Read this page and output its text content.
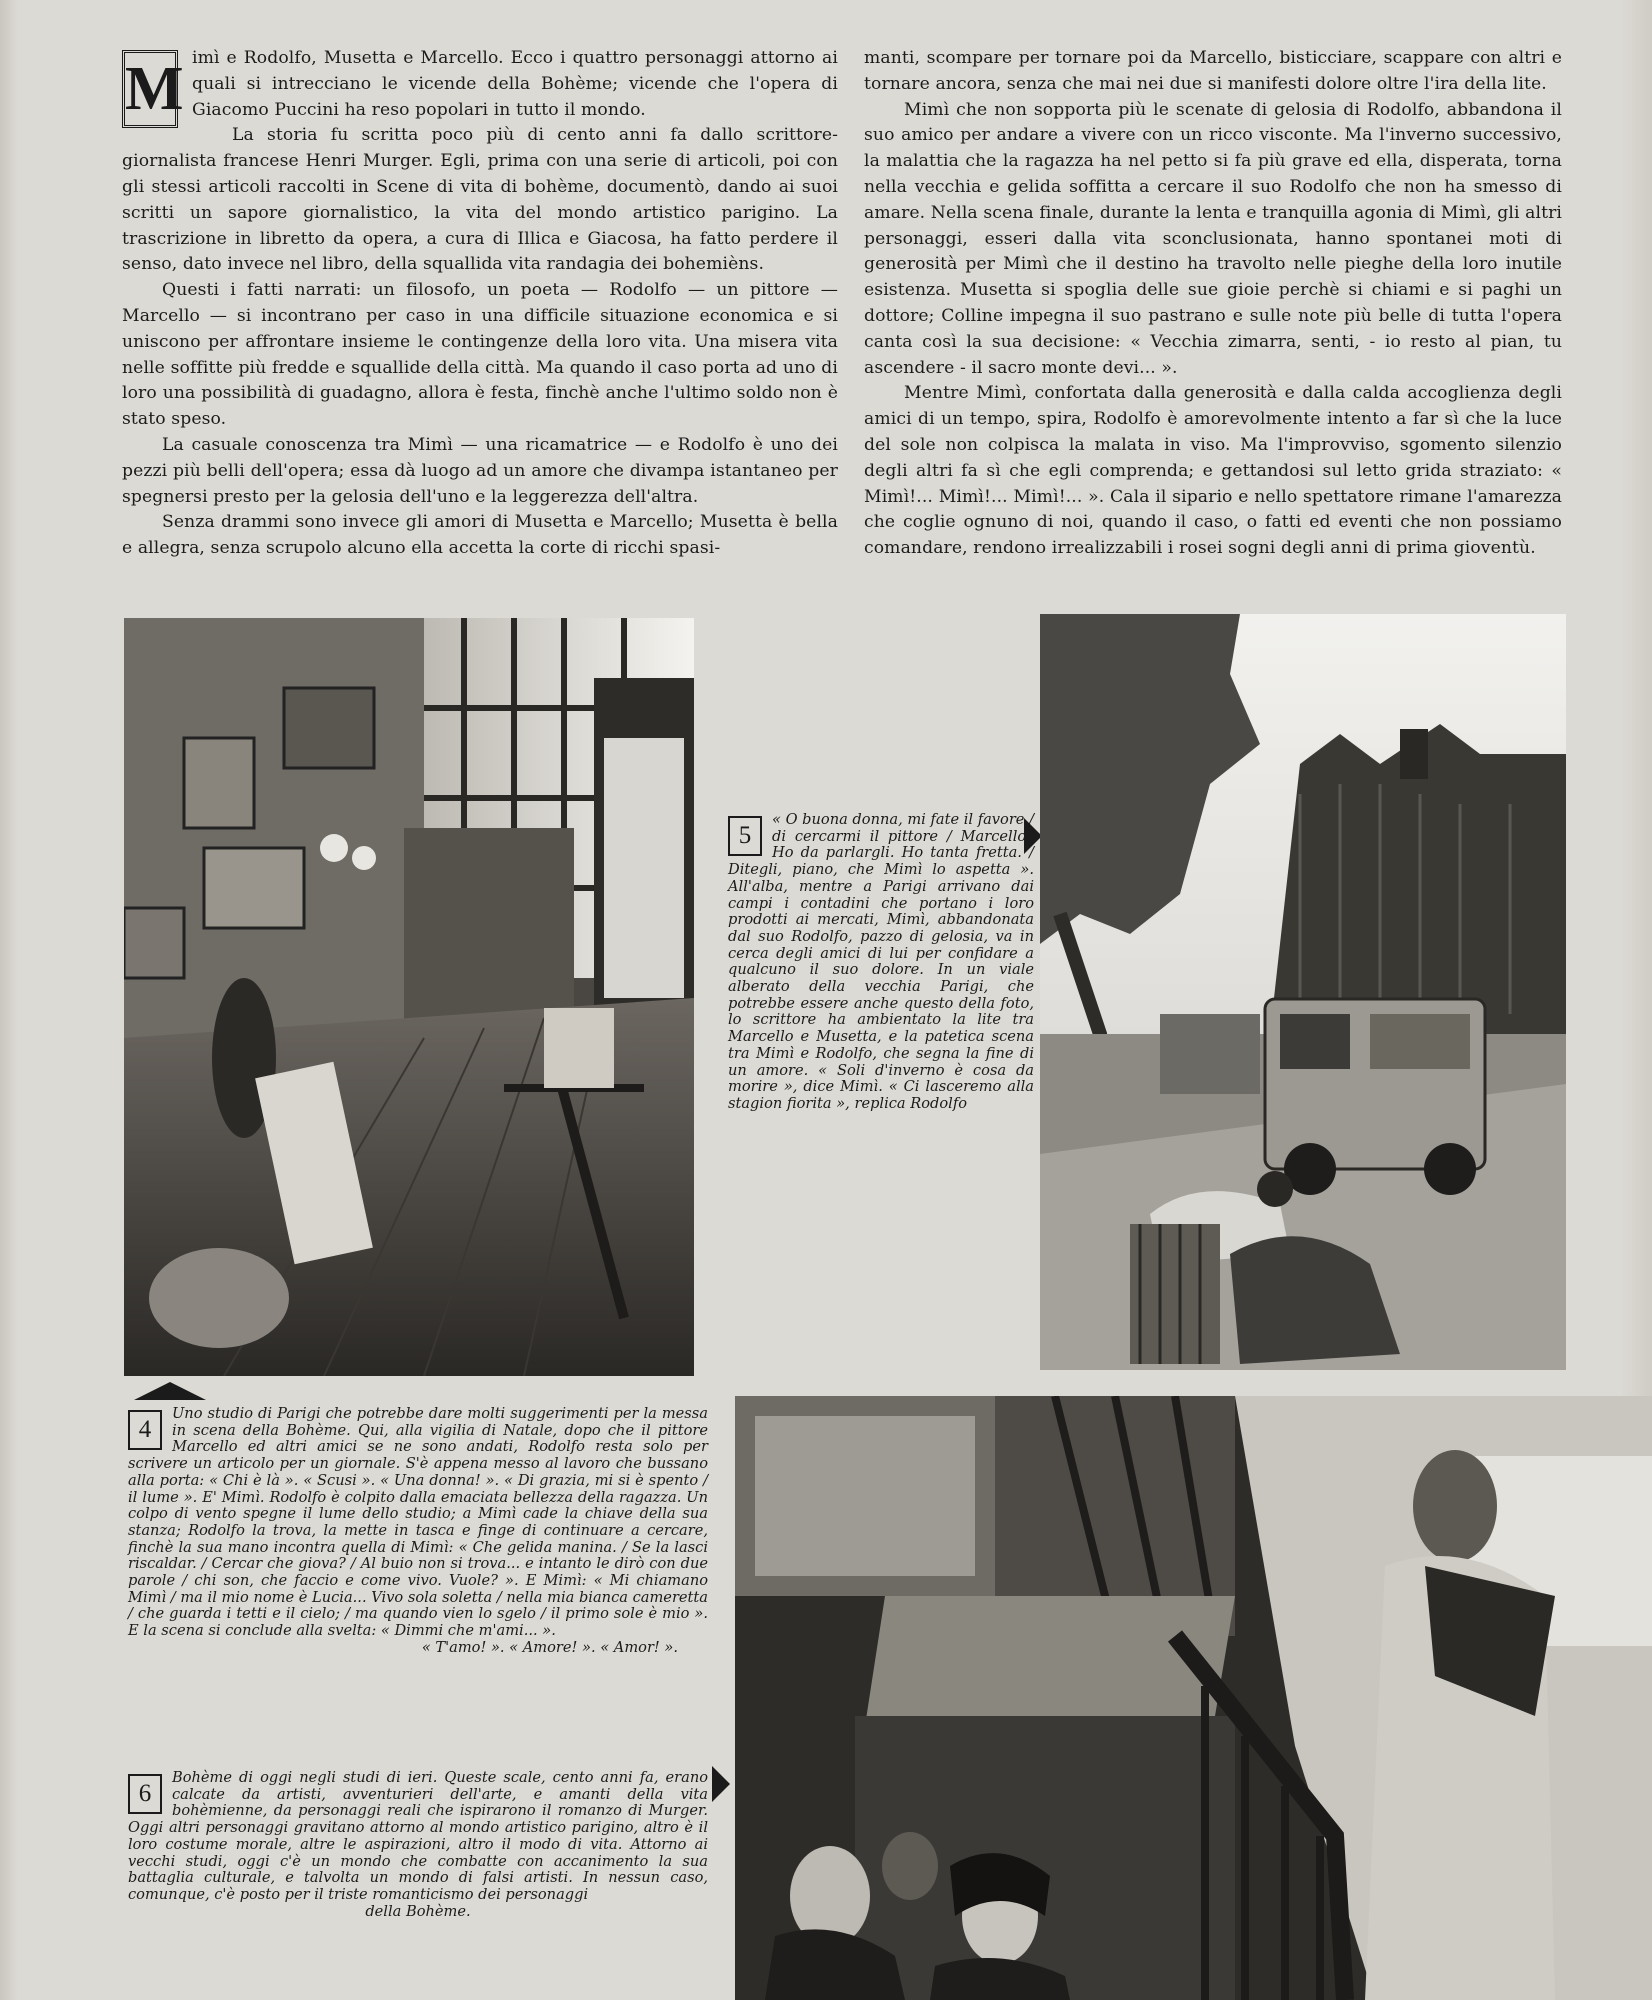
M imì e Rodolfo, Musetta e Marcello. Ecco i quattro personaggi attorno ai quali si intrecciano le vicende della Bohème; vicende che l'opera di Giacomo Puccini ha reso popolari in tutto il mondo.

La storia fu scritta poco più di cento anni fa dallo scrittore-giornalista francese Henri Murger. Egli, prima con una serie di articoli, poi con gli stessi articoli raccolti in Scene di vita di bohème, documentò, dando ai suoi scritti un sapore giornalistico, la vita del mondo artistico parigino. La trascrizione in libretto da opera, a cura di Illica e Giacosa, ha fatto perdere il senso, dato invece nel libro, della squallida vita randagia dei bohemièns.

Questi i fatti narrati: un filosofo, un poeta — Rodolfo — un pittore — Marcello — si incontrano per caso in una difficile situazione economica e si uniscono per affrontare insieme le contingenze della loro vita. Una misera vita nelle soffitte più fredde e squallide della città. Ma quando il caso porta ad uno di loro una possibilità di guadagno, allora è festa, finchè anche l'ultimo soldo non è stato speso.

La casuale conoscenza tra Mimì — una ricamatrice — e Rodolfo è uno dei pezzi più belli dell'opera; essa dà luogo ad un amore che divampa istantaneo per spegnersi presto per la gelosia dell'uno e la leggerezza dell'altra.

Senza drammi sono invece gli amori di Musetta e Marcello; Musetta è bella e allegra, senza scrupolo alcuno ella accetta la corte di ricchi spasi-

manti, scompare per tornare poi da Marcello, bisticciare, scappare con altri e tornare ancora, senza che mai nei due si manifesti dolore oltre l'ira della lite.

Mimì che non sopporta più le scenate di gelosia di Rodolfo, abbandona il suo amico per andare a vivere con un ricco visconte. Ma l'inverno successivo, la malattia che la ragazza ha nel petto si fa più grave ed ella, disperata, torna nella vecchia e gelida soffitta a cercare il suo Rodolfo che non ha smesso di amare. Nella scena finale, durante la lenta e tranquilla agonia di Mimì, gli altri personaggi, esseri dalla vita sconclusionata, hanno spontanei moti di generosità per Mimì che il destino ha travolto nelle pieghe della loro inutile esistenza. Musetta si spoglia delle sue gioie perchè si chiami e si paghi un dottore; Colline impegna il suo pastrano e sulle note più belle di tutta l'opera canta così la sua decisione: « Vecchia zimarra, senti, - io resto al pian, tu ascendere - il sacro monte devi... ».

Mentre Mimì, confortata dalla generosità e dalla calda accoglienza degli amici di un tempo, spira, Rodolfo è amorevolmente intento a far sì che la luce del sole non colpisca la malata in viso. Ma l'improvviso, sgomento silenzio degli altri fa sì che egli comprenda; e gettandosi sul letto grida straziato: « Mimì!... Mimì!... Mimì!... ». Cala il sipario e nello spettatore rimane l'amarezza che coglie ognuno di noi, quando il caso, o fatti ed eventi che non possiamo comandare, rendono irrealizzabili i rosei sogni degli anni di prima gioventù.

4
Uno studio di Parigi che potrebbe dare molti suggerimenti per la messa in scena della Bohème. Qui, alla vigilia di Natale, dopo che il pittore Marcello ed altri amici se ne sono andati, Rodolfo resta solo per scrivere un articolo per un giornale. S'è appena messo al lavoro che bussano alla porta: « Chi è là ». « Scusi ». « Una donna! ». « Di grazia, mi si è spento / il lume ». E' Mimì. Rodolfo è colpito dalla emaciata bellezza della ragazza. Un colpo di vento spegne il lume dello studio; a Mimì cade la chiave della sua stanza; Rodolfo la trova, la mette in tasca e finge di continuare a cercare, finchè la sua mano incontra quella di Mimì: « Che gelida manina. / Se la lasci riscaldar. / Cercar che giova? / Al buio non si trova... e intanto le dirò con due parole / chi son, che faccio e come vivo. Vuole? ». E Mimì: « Mi chiamano Mimì / ma il mio nome è Lucia... Vivo sola soletta / nella mia bianca cameretta / che guarda i tetti e il cielo; / ma quando vien lo sgelo / il primo sole è mio ». E la scena si conclude alla svelta: « Dimmi che m'ami... ».
« T'amo! ». « Amore! ». « Amor! ».
5
« O buona donna, mi fate il favore / di cercarmi il pittore / Marcello? Ho da parlargli. Ho tanta fretta. / Ditegli, piano, che Mimì lo aspetta ». All'alba, mentre a Parigi arrivano dai campi i contadini che portano i loro prodotti ai mercati, Mimì, abbandonata dal suo Rodolfo, pazzo di gelosia, va in cerca degli amici di lui per confidare a qualcuno il suo dolore. In un viale alberato della vecchia Parigi, che potrebbe essere anche questo della foto, lo scrittore ha ambientato la lite tra Marcello e Musetta, e la patetica scena tra Mimì e Rodolfo, che segna la fine di un amore. « Soli d'inverno è cosa da morire », dice Mimì. « Ci lasceremo alla stagion fiorita », replica Rodolfo
6
Bohème di oggi negli studi di ieri. Queste scale, cento anni fa, erano calcate da artisti, avventurieri dell'arte, e amanti della vita bohèmienne, da personaggi reali che ispirarono il romanzo di Murger. Oggi altri personaggi gravitano attorno al mondo artistico parigino, altro è il loro costume morale, altre le aspirazioni, altro il modo di vita. Attorno ai vecchi studi, oggi c'è un mondo che combatte con accanimento la sua battaglia culturale, e talvolta un mondo di falsi artisti. In nessun caso, comunque, c'è posto per il triste romanticismo dei personaggi
della Bohème.
